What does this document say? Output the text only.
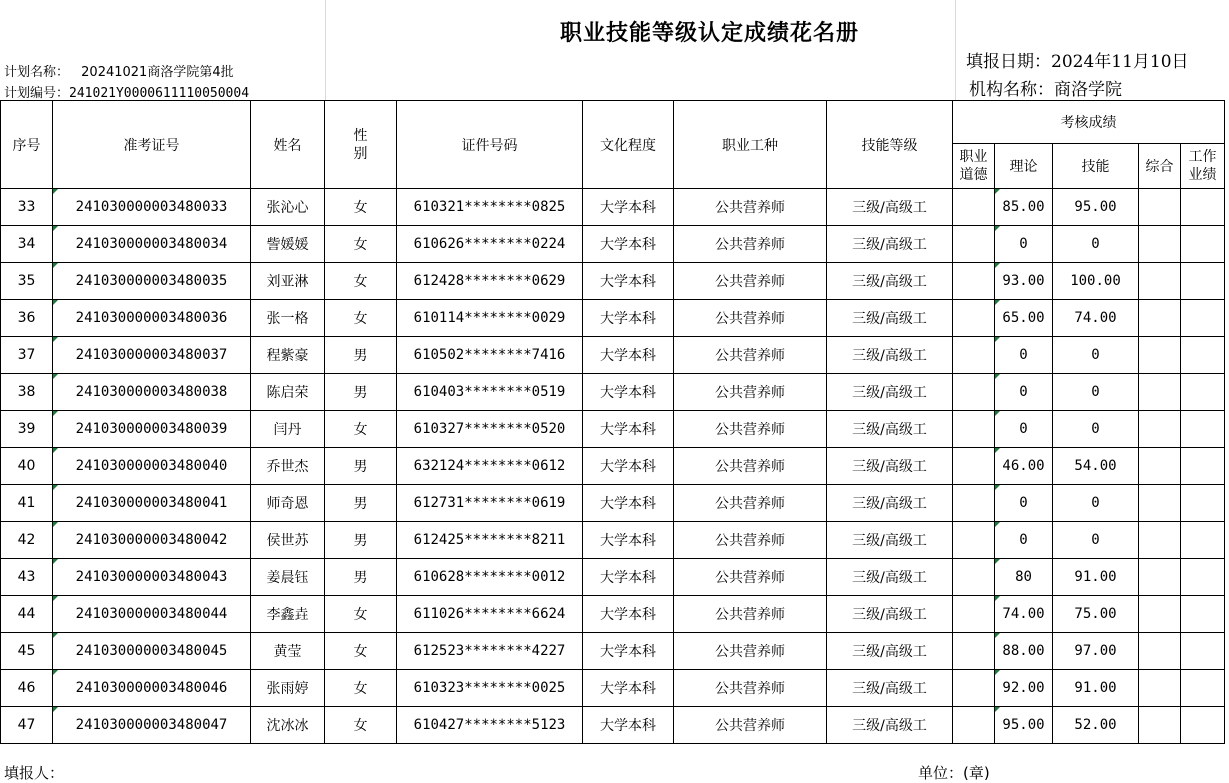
职业技能等级认定成绩花名册
计划名称： 20241021商洛学院第4批
计划编号：241021Y0000611110050004
填报日期：2024年11月10日
机构名称：商洛学院
序号	准考证号	姓名	性别	证件号码	文化程度	职业工种	技能等级	考核成绩				
								职业道德	理论	技能	综合	工作业绩
33	241030000003480033	张沁心	女	610321********0825	大学本科	公共营养师	三级/高级工		85.00	95.00		
34	241030000003480034	訾媛媛	女	610626********0224	大学本科	公共营养师	三级/高级工		0	0		
35	241030000003480035	刘亚淋	女	612428********0629	大学本科	公共营养师	三级/高级工		93.00	100.00		
36	241030000003480036	张一格	女	610114********0029	大学本科	公共营养师	三级/高级工		65.00	74.00		
37	241030000003480037	程紫豪	男	610502********7416	大学本科	公共营养师	三级/高级工		0	0		
38	241030000003480038	陈启荣	男	610403********0519	大学本科	公共营养师	三级/高级工		0	0		
39	241030000003480039	闫丹	女	610327********0520	大学本科	公共营养师	三级/高级工		0	0		
40	241030000003480040	乔世杰	男	632124********0612	大学本科	公共营养师	三级/高级工		46.00	54.00		
41	241030000003480041	师奇恩	男	612731********0619	大学本科	公共营养师	三级/高级工		0	0		
42	241030000003480042	侯世苏	男	612425********8211	大学本科	公共营养师	三级/高级工		0	0		
43	241030000003480043	姜晨钰	男	610628********0012	大学本科	公共营养师	三级/高级工		80	91.00		
44	241030000003480044	李鑫垚	女	611026********6624	大学本科	公共营养师	三级/高级工		74.00	75.00		
45	241030000003480045	黄莹	女	612523********4227	大学本科	公共营养师	三级/高级工		88.00	97.00		
46	241030000003480046	张雨婷	女	610323********0025	大学本科	公共营养师	三级/高级工		92.00	91.00		
47	241030000003480047	沈冰冰	女	610427********5123	大学本科	公共营养师	三级/高级工		95.00	52.00		
填报人：	单位：(章)
